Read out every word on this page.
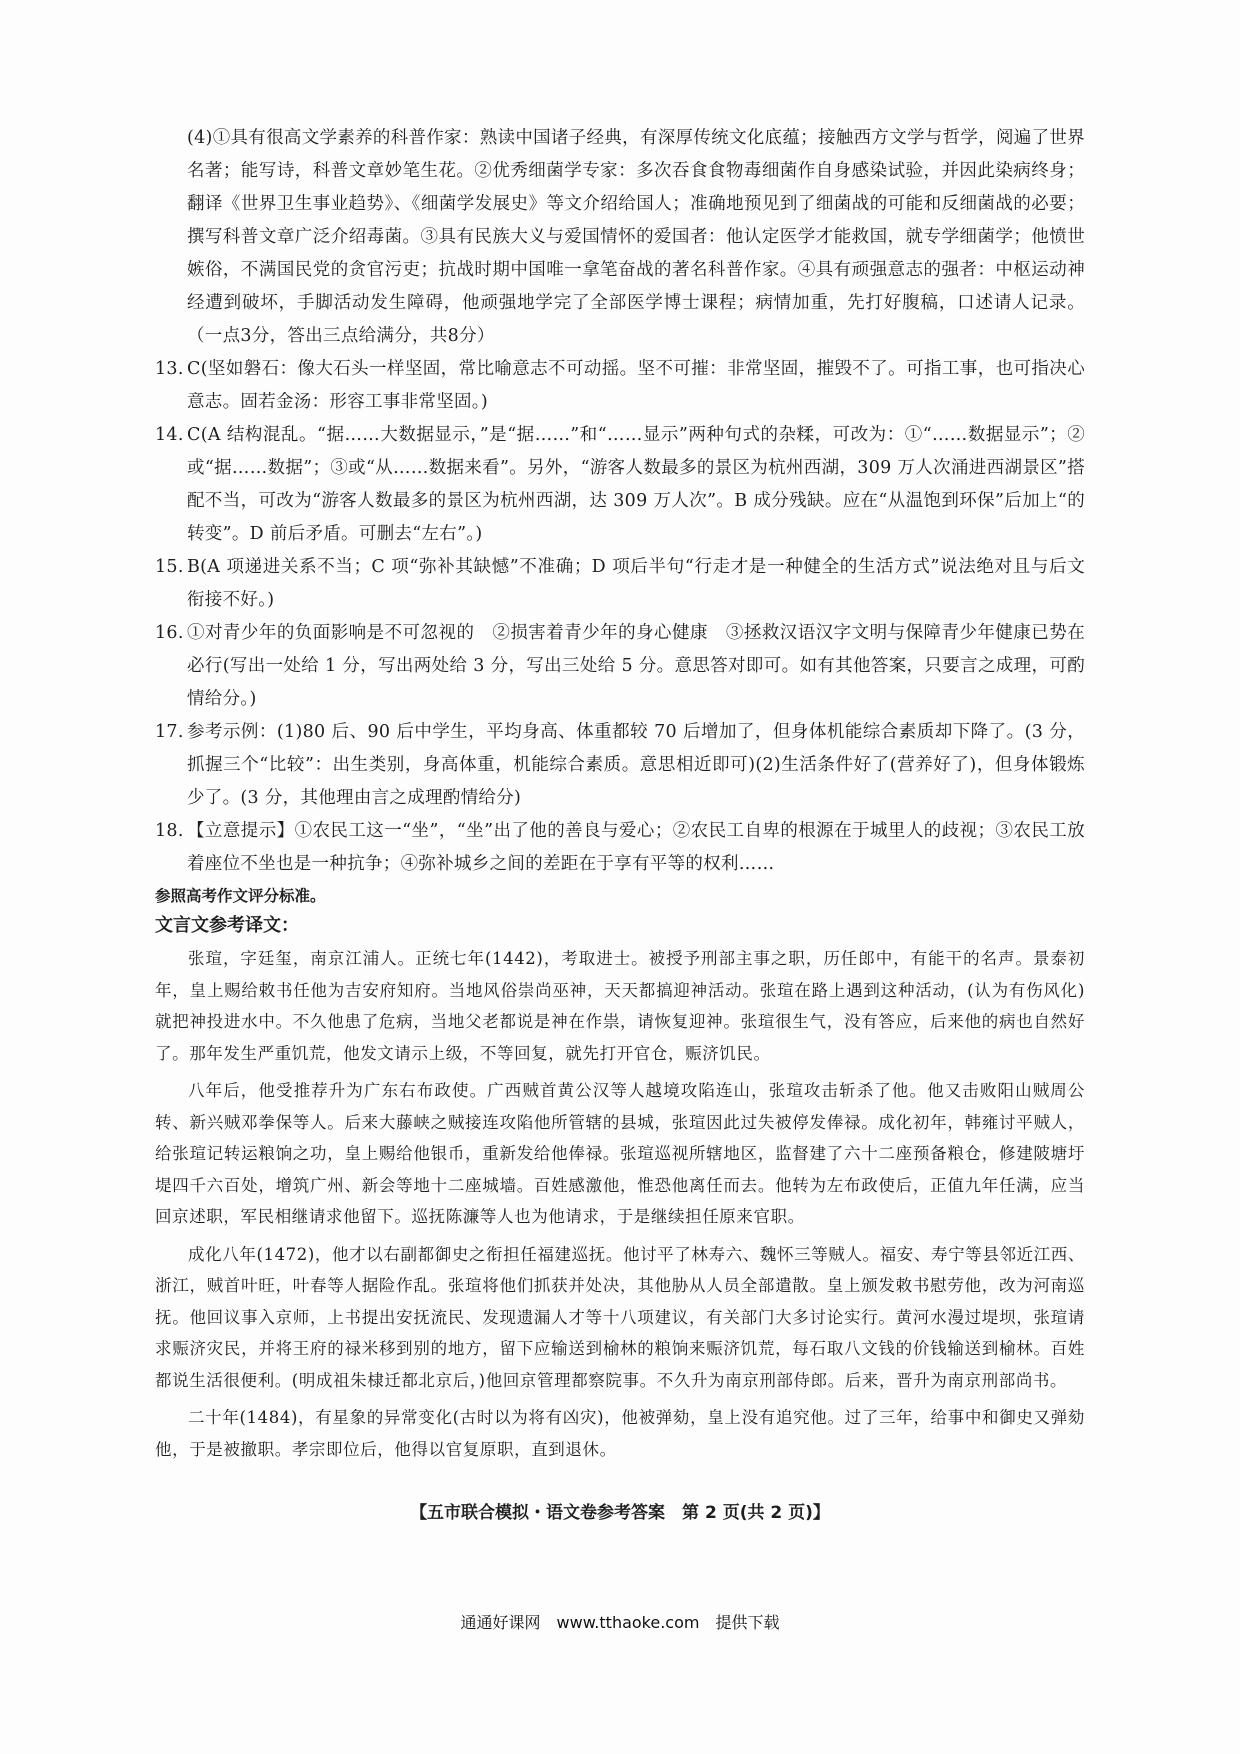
(4)①具有很高文学素养的科普作家：熟读中国诸子经典，有深厚传统文化底蕴；接触西方文学与哲学，阅遍了世界名著；能写诗，科普文章妙笔生花。②优秀细菌学专家：多次吞食食物毒细菌作自身感染试验，并因此染病终身；翻译《世界卫生事业趋势》、《细菌学发展史》等文介绍给国人；准确地预见到了细菌战的可能和反细菌战的必要；撰写科普文章广泛介绍毒菌。③具有民族大义与爱国情怀的爱国者：他认定医学才能救国，就专学细菌学；他愤世嫉俗，不满国民党的贪官污吏；抗战时期中国唯一拿笔奋战的著名科普作家。④具有顽强意志的强者：中枢运动神经遭到破坏，手脚活动发生障碍，他顽强地学完了全部医学博士课程；病情加重，先打好腹稿，口述请人记录。（一点3分，答出三点给满分，共8分）

13. C(坚如磐石：像大石头一样坚固，常比喻意志不可动摇。坚不可摧：非常坚固，摧毁不了。可指工事，也可指决心意志。固若金汤：形容工事非常坚固。)
14. C(A 结构混乱。“据……大数据显示，”是“据……”和“……显示”两种句式的杂糅，可改为：①“……数据显示”；②或“据……数据”；③或“从……数据来看”。另外，“游客人数最多的景区为杭州西湖，309 万人次涌进西湖景区”搭配不当，可改为“游客人数最多的景区为杭州西湖，达 309 万人次”。B 成分残缺。应在“从温饱到环保”后加上“的转变”。D 前后矛盾。可删去“左右”。)
15. B(A 项递进关系不当；C 项“弥补其缺憾”不准确；D 项后半句“行走才是一种健全的生活方式”说法绝对且与后文衔接不好。)
16. ①对青少年的负面影响是不可忽视的　②损害着青少年的身心健康　③拯救汉语汉字文明与保障青少年健康已势在必行(写出一处给 1 分，写出两处给 3 分，写出三处给 5 分。意思答对即可。如有其他答案，只要言之成理，可酌情给分。)
17. 参考示例：(1)80 后、90 后中学生，平均身高、体重都较 70 后增加了，但身体机能综合素质却下降了。(3 分，抓握三个“比较”：出生类别，身高体重，机能综合素质。意思相近即可)(2)生活条件好了(营养好了)，但身体锻炼少了。(3 分，其他理由言之成理酌情给分)
18. 【立意提示】①农民工这一“坐”，“坐”出了他的善良与爱心；②农民工自卑的根源在于城里人的歧视；③农民工放着座位不坐也是一种抗争；④弥补城乡之间的差距在于享有平等的权利……

参照高考作文评分标准。

文言文参考译文：

张瑄，字廷玺，南京江浦人。正统七年(1442)，考取进士。被授予刑部主事之职，历任郎中，有能干的名声。景泰初年，皇上赐给敕书任他为吉安府知府。当地风俗崇尚巫神，天天都搞迎神活动。张瑄在路上遇到这种活动，(认为有伤风化)就把神投进水中。不久他患了危病，当地父老都说是神在作祟，请恢复迎神。张瑄很生气，没有答应，后来他的病也自然好了。那年发生严重饥荒，他发文请示上级，不等回复，就先打开官仓，赈济饥民。

八年后，他受推荐升为广东右布政使。广西贼首黄公汉等人越境攻陷连山，张瑄攻击斩杀了他。他又击败阳山贼周公转、新兴贼邓拳保等人。后来大藤峡之贼接连攻陷他所管辖的县城，张瑄因此过失被停发俸禄。成化初年，韩雍讨平贼人，给张瑄记转运粮饷之功，皇上赐给他银币，重新发给他俸禄。张瑄巡视所辖地区，监督建了六十二座预备粮仓，修建陂塘圩堤四千六百处，增筑广州、新会等地十二座城墙。百姓感激他，惟恐他离任而去。他转为左布政使后，正值九年任满，应当回京述职，军民相继请求他留下。巡抚陈濂等人也为他请求，于是继续担任原来官职。

成化八年(1472)，他才以右副都御史之衔担任福建巡抚。他讨平了林寿六、魏怀三等贼人。福安、寿宁等县邻近江西、浙江，贼首叶旺，叶春等人据险作乱。张瑄将他们抓获并处决，其他胁从人员全部遣散。皇上颁发敕书慰劳他，改为河南巡抚。他回议事入京师，上书提出安抚流民、发现遗漏人才等十八项建议，有关部门大多讨论实行。黄河水漫过堤坝，张瑄请求赈济灾民，并将王府的禄米移到别的地方，留下应输送到榆林的粮饷来赈济饥荒，每石取八文钱的价钱输送到榆林。百姓都说生活很便利。(明成祖朱棣迁都北京后，)他回京管理都察院事。不久升为南京刑部侍郎。后来，晋升为南京刑部尚书。

二十年(1484)，有星象的异常变化(古时以为将有凶灾)，他被弹劾，皇上没有追究他。过了三年，给事中和御史又弹劾他，于是被撤职。孝宗即位后，他得以官复原职，直到退休。

【五市联合模拟・语文卷参考答案　第 2 页(共 2 页)】
通通好课网　www.tthaoke.com　提供下载
